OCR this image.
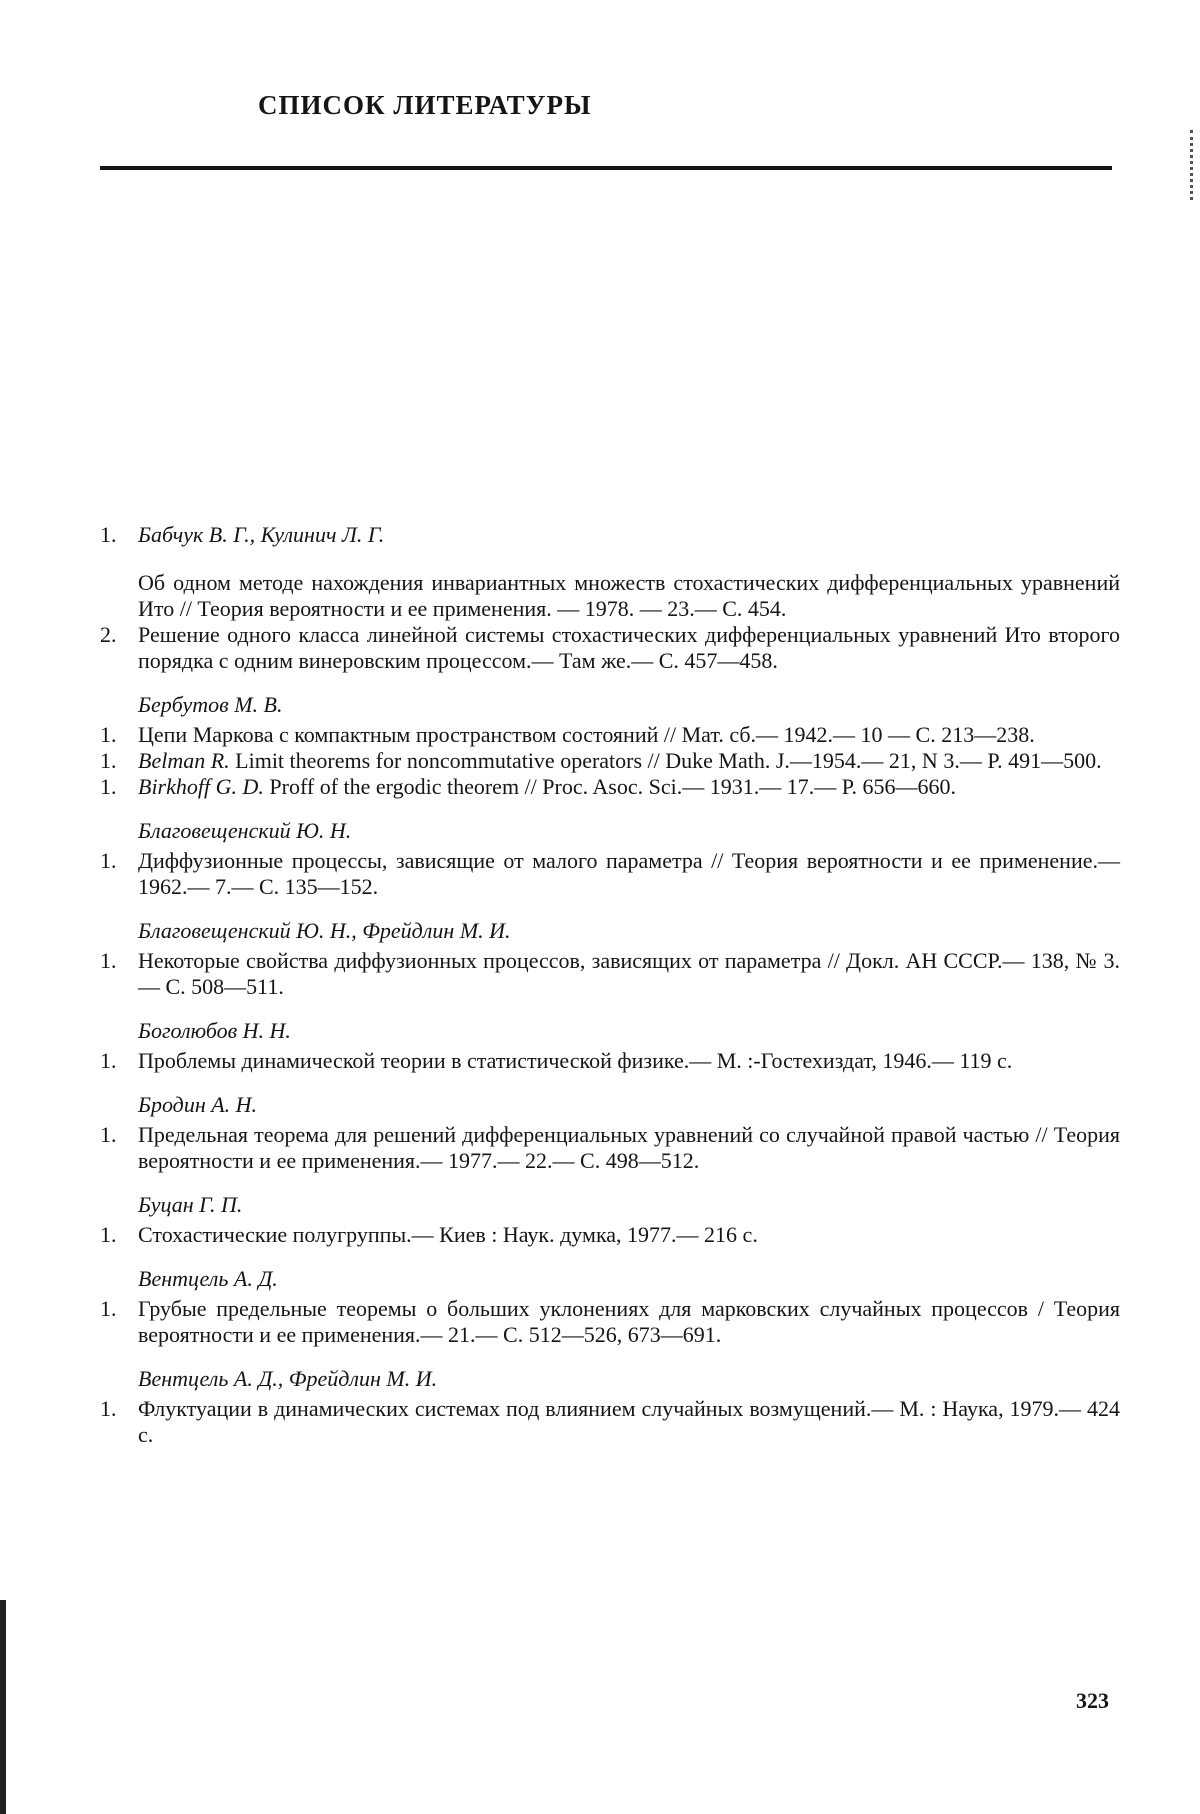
СПИСОК ЛИТЕРАТУРЫ
1. Бабчук В. Г., Кулинич Л. Г.
Об одном методе нахождения инвариантных множеств стохастических дифференциальных уравнений Ито // Теория вероятности и ее применения. — 1978. — 23.— С. 454.
2. Решение одного класса линейной системы стохастических дифференциальных уравнений Ито второго порядка с одним винеровским процессом.— Там же.— С. 457—458.
Бербутов М. В.
1. Цепи Маркова с компактным пространством состояний // Мат. сб.— 1942.— 10 — С. 213—238.
1. Belman R. Limit theorems for noncommutative operators // Duke Math. J.—1954.— 21, N 3.— P. 491—500.
1. Birkhoff G. D. Proff of the ergodic theorem // Proc. Asoc. Sci.— 1931.— 17.— P. 656—660.
Благовещенский Ю. Н.
1. Диффузионные процессы, зависящие от малого параметра // Теория вероятности и ее применение.— 1962.— 7.— С. 135—152.
Благовещенский Ю. Н., Фрейдлин М. И.
1. Некоторые свойства диффузионных процессов, зависящих от параметра // Докл. АН СССР.— 138, № 3.— С. 508—511.
Боголюбов Н. Н.
1. Проблемы динамической теории в статистической физике.— М. :-Гостехиздат, 1946.— 119 с.
Бродин А. Н.
1. Предельная теорема для решений дифференциальных уравнений со случайной правой частью // Теория вероятности и ее применения.— 1977.— 22.— С. 498—512.
Буцан Г. П.
1. Стохастические полугруппы.— Киев : Наук. думка, 1977.— 216 с.
Вентцель А. Д.
1. Грубые предельные теоремы о больших уклонениях для марковских случайных процессов / Теория вероятности и ее применения.— 21.— С. 512—526, 673—691.
Вентцель А. Д., Фрейдлин М. И.
1. Флуктуации в динамических системах под влиянием случайных возмущений.— М. : Наука, 1979.— 424 с.
323
